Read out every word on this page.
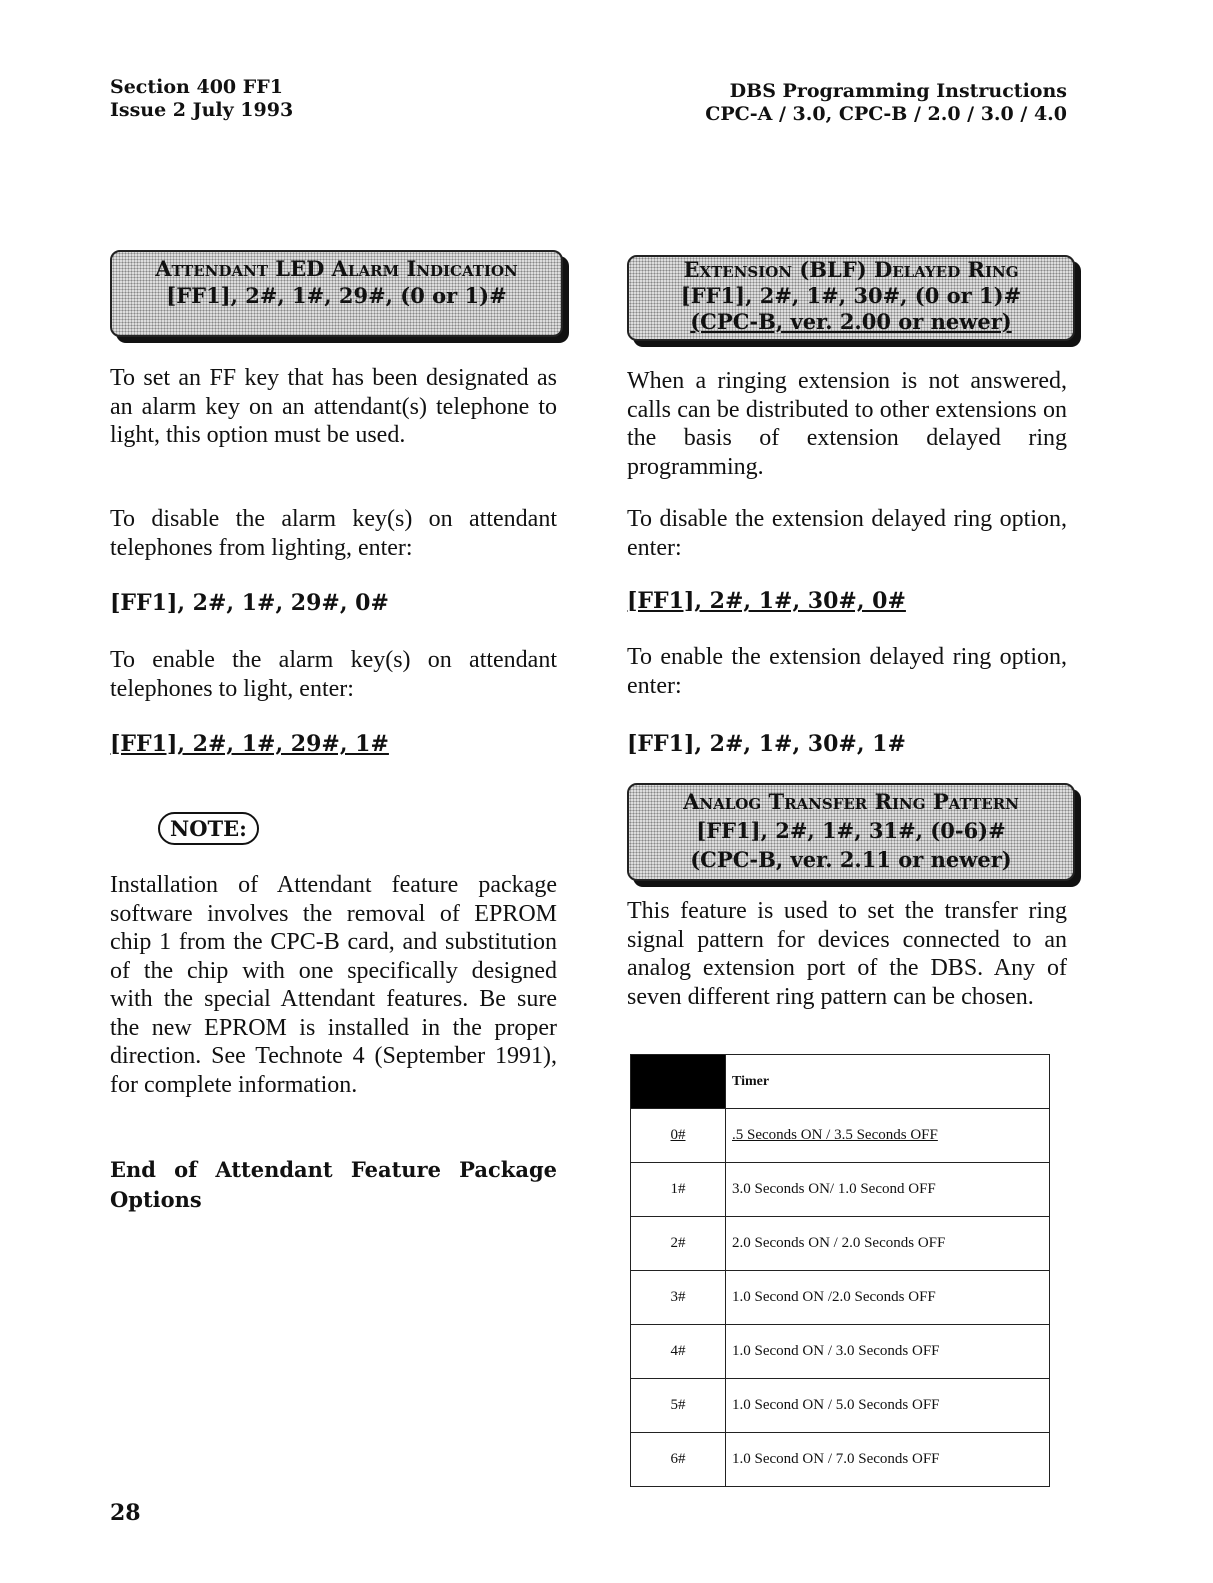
Section 400 FF1
Issue 2 July 1993
DBS Programming Instructions
CPC-A / 3.0, CPC-B / 2.0 / 3.0 / 4.0
Attendant LED Alarm Indication
[FF1], 2#, 1#, 29#, (0 or 1)#
To set an FF key that has been designated as an alarm key on an attendant(s) telephone to light, this option must be used.
To disable the alarm key(s) on attendant telephones from lighting, enter:
[FF1], 2#, 1#, 29#, 0#
To enable the alarm key(s) on attendant telephones to light, enter:
[FF1], 2#, 1#, 29#, 1#
NOTE:
Installation of Attendant feature package software involves the removal of EPROM chip 1 from the CPC-B card, and substitution of the chip with one specifically designed with the special Attendant features. Be sure the new EPROM is installed in the proper direction. See Technote 4 (September 1991), for complete information.
End of Attendant Feature Package Options
Extension (BLF) Delayed Ring
[FF1], 2#, 1#, 30#, (0 or 1)#
(CPC-B, ver. 2.00 or newer)
When a ringing extension is not answered, calls can be distributed to other extensions on the basis of extension delayed ring programming.
To disable the extension delayed ring option, enter:
[FF1], 2#, 1#, 30#, 0#
To enable the extension delayed ring option, enter:
[FF1], 2#, 1#, 30#, 1#
Analog Transfer Ring Pattern
[FF1], 2#, 1#, 31#, (0-6)#
(CPC-B, ver. 2.11 or newer)
This feature is used to set the transfer ring signal pattern for devices connected to an analog extension port of the DBS. Any of seven different ring pattern can be chosen.
	Timer
0#	.5 Seconds ON / 3.5 Seconds OFF
1#	3.0 Seconds ON/ 1.0 Second OFF
2#	2.0 Seconds ON / 2.0 Seconds OFF
3#	1.0 Second ON /2.0 Seconds OFF
4#	1.0 Second ON / 3.0 Seconds OFF
5#	1.0 Second ON / 5.0 Seconds OFF
6#	1.0 Second ON / 7.0 Seconds OFF
28
